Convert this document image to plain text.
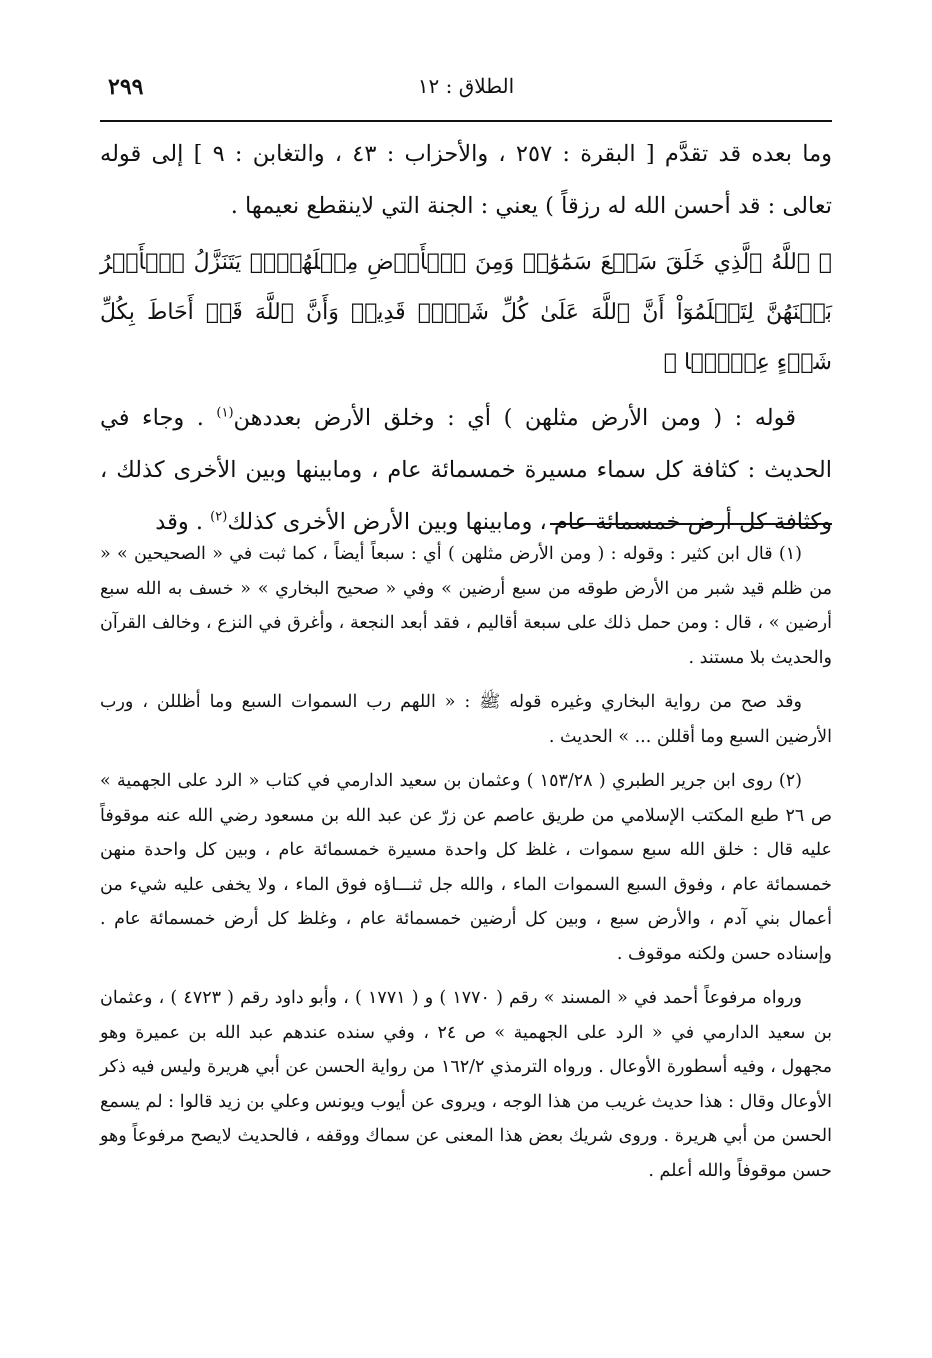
٢٩٩	الطلاق : ١٢

وما بعده قد تقدَّم [ البقرة : ٢٥٧ ، والأحزاب : ٤٣ ، والتغابن : ٩ ] إلى قوله تعالى : قد أحسن الله له رزقاً ) يعني : الجنة التي لاينقطع نعيمها .

﴿ ٱللَّهُ ٱلَّذِي خَلَقَ سَبۡعَ سَمَٰوَٰتٖ وَمِنَ ٱلۡأَرۡضِ مِثۡلَهُنَّۖ يَتَنَزَّلُ ٱلۡأَمۡرُ بَيۡنَهُنَّ لِتَعۡلَمُوٓاْ أَنَّ ٱللَّهَ عَلَىٰ كُلِّ شَيۡءٖ قَدِيرٞ وَأَنَّ ٱللَّهَ قَدۡ أَحَاطَ بِكُلِّ شَيۡءٍ عِلۡمَۢا ﴾

قوله : ( ومن الأرض مثلهن ) أي : وخلق الأرض بعددهن$^{(١)}$ . وجاء في الحديث : كثافة كل سماء مسيرة خمسمائة عام ، ومابينها وبين الأخرى كذلك ، وكثافة كل أرض خمسمائة عام ، ومابينها وبين الأرض الأخرى كذلك$^{(٢)}$ . وقد

(١) قال ابن كثير : وقوله : ( ومن الأرض مثلهن ) أي : سبعاً أيضاً ، كما ثبت في « الصحيحين » « من ظلم قيد شبر من الأرض طوقه من سبع أرضين » وفي « صحيح البخاري » « خسف به الله سبع أرضين » ، قال : ومن حمل ذلك على سبعة أقاليم ، فقد أبعد النجعة ، وأغرق في النزع ، وخالف القرآن والحديث بلا مستند .

وقد صح من رواية البخاري وغيره قوله ﷺ : « اللهم رب السموات السبع وما أظللن ، ورب الأرضين السبع وما أقللن ... » الحديث .

(٢) روى ابن جرير الطبري ( ١٥٣/٢٨ ) وعثمان بن سعيد الدارمي في كتاب « الرد على الجهمية » ص ٢٦ طبع المكتب الإسلامي من طريق عاصم عن زرّ عن عبد الله بن مسعود رضي الله عنه موقوفاً عليه قال : خلق الله سبع سموات ، غلظ كل واحدة مسيرة خمسمائة عام ، وبين كل واحدة منهن خمسمائة عام ، وفوق السبع السموات الماء ، والله جل ثنـــاؤه فوق الماء ، ولا يخفى عليه شيء من أعمال بني آدم ، والأرض سبع ، وبين كل أرضين خمسمائة عام ، وغلظ كل أرض خمسمائة عام . وإسناده حسن ولكنه موقوف .

ورواه مرفوعاً أحمد في « المسند » رقم ( ١٧٧٠ ) و ( ١٧٧١ ) ، وأبو داود رقم ( ٤٧٢٣ ) ، وعثمان بن سعيد الدارمي في « الرد على الجهمية » ص ٢٤ ، وفي سنده عندهم عبد الله بن عميرة وهو مجهول ، وفيه أسطورة الأوعال . ورواه الترمذي ١٦٢/٢ من رواية الحسن عن أبي هريرة وليس فيه ذكر الأوعال وقال : هذا حديث غريب من هذا الوجه ، ويروى عن أيوب ويونس وعلي بن زيد قالوا : لم يسمع الحسن من أبي هريرة . وروى شريك بعض هذا المعنى عن سماك ووقفه ، فالحديث لايصح مرفوعاً وهو حسن موقوفاً والله أعلم .
